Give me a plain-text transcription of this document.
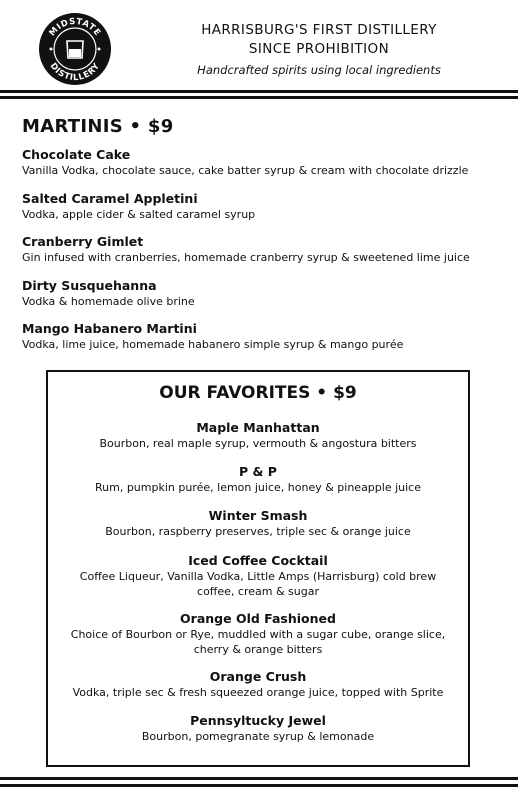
MIDSTATE
DISTILLERY
HARRISBURG'S FIRST DISTILLERY
SINCE PROHIBITION
Handcrafted spirits using local ingredients
MARTINIS • $9
Chocolate Cake
Vanilla Vodka, chocolate sauce, cake batter syrup & cream with chocolate drizzle
Salted Caramel Appletini
Vodka, apple cider & salted caramel syrup
Cranberry Gimlet
Gin infused with cranberries, homemade cranberry syrup & sweetened lime juice
Dirty Susquehanna
Vodka & homemade olive brine
Mango Habanero Martini
Vodka, lime juice, homemade habanero simple syrup & mango purée
OUR FAVORITES • $9
Maple Manhattan
Bourbon, real maple syrup, vermouth & angostura bitters
P & P
Rum, pumpkin purée, lemon juice, honey & pineapple juice
Winter Smash
Bourbon, raspberry preserves, triple sec & orange juice
Iced Coffee Cocktail
Coffee Liqueur, Vanilla Vodka, Little Amps (Harrisburg) cold brew coffee, cream & sugar
Orange Old Fashioned
Choice of Bourbon or Rye, muddled with a sugar cube, orange slice, cherry & orange bitters
Orange Crush
Vodka, triple sec & fresh squeezed orange juice, topped with Sprite
Pennsyltucky Jewel
Bourbon, pomegranate syrup & lemonade
